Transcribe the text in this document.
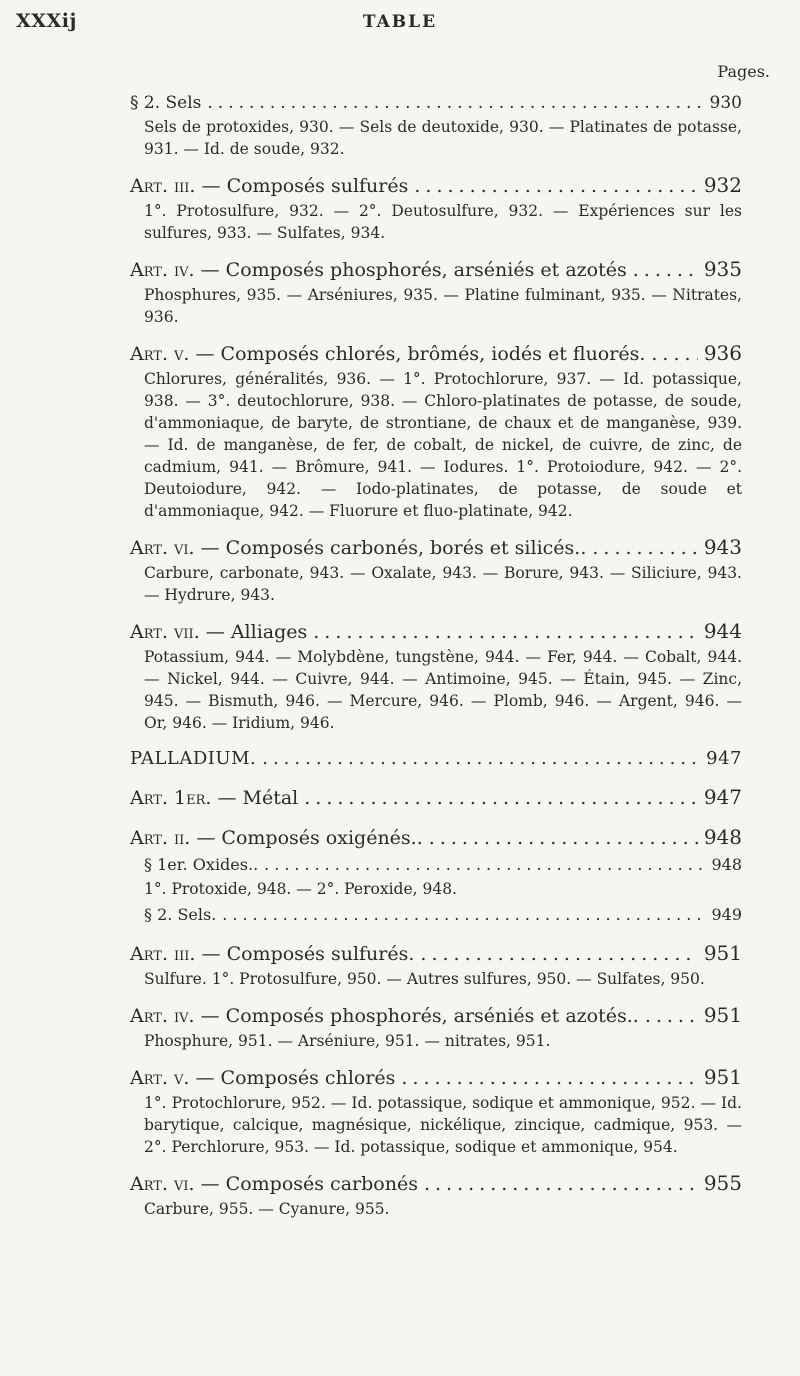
XXXij	TABLE
Pages.
§ 2. Sels .....	930
Sels de protoxides, 930. — Sels de deutoxide, 930. — Platinates de potasse, 931. — Id. de soude, 932.
Art. iii. — Composés sulfurés .....	932
1°. Protosulfure, 932. — 2°. Deutosulfure, 932. — Expériences sur les sulfures, 933. — Sulfates, 934.
Art. iv. — Composés phosphorés, arséniés et azotés .....	935
Phosphures, 935. — Arséniures, 935. — Platine fulminant, 935. — Nitrates, 936.
Art. v. — Composés chlorés, brômés, iodés et fluorés. .....	936
Chlorures, généralités, 936. — 1°. Protochlorure, 937. — Id. potassique, 938. — 3°. deutochlorure, 938. — Chloro-platinates de potasse, de soude, d'ammoniaque, de baryte, de strontiane, de chaux et de manganèse, 939. — Id. de manganèse, de fer, de cobalt, de nickel, de cuivre, de zinc, de cadmium, 941. — Brômure, 941. — Iodures. 1°. Protoiodure, 942. — 2°. Deutoiodure, 942. — Iodo-platinates, de potasse, de soude et d'ammoniaque, 942. — Fluorure et fluo-platinate, 942.
Art. vi. — Composés carbonés, borés et silicés.. .....	943
Carbure, carbonate, 943. — Oxalate, 943. — Borure, 943. — Siliciure, 943. — Hydrure, 943.
Art. vii. — Alliages .....	944
Potassium, 944. — Molybdène, tungstène, 944. — Fer, 944. — Cobalt, 944. — Nickel, 944. — Cuivre, 944. — Antimoine, 945. — Étain, 945. — Zinc, 945. — Bismuth, 946. — Mercure, 946. — Plomb, 946. — Argent, 946. — Or, 946. — Iridium, 946.
PALLADIUM. .....	947
Art. 1er. — Métal .....	947
Art. ii. — Composés oxigénés.. .....	948
§ 1er. Oxides.. .....	948
1°. Protoxide, 948. — 2°. Peroxide, 948.
§ 2. Sels. .....	949
Art. iii. — Composés sulfurés. .....	951
Sulfure. 1°. Protosulfure, 950. — Autres sulfures, 950. — Sulfates, 950.
Art. iv. — Composés phosphorés, arséniés et azotés.. .....	951
Phosphure, 951. — Arséniure, 951. — nitrates, 951.
Art. v. — Composés chlorés .....	951
1°. Protochlorure, 952. — Id. potassique, sodique et ammonique, 952. — Id. barytique, calcique, magnésique, nickélique, zincique, cadmique, 953. — 2°. Perchlorure, 953. — Id. potassique, sodique et ammonique, 954.
Art. vi. — Composés carbonés .....	955
Carbure, 955. — Cyanure, 955.
